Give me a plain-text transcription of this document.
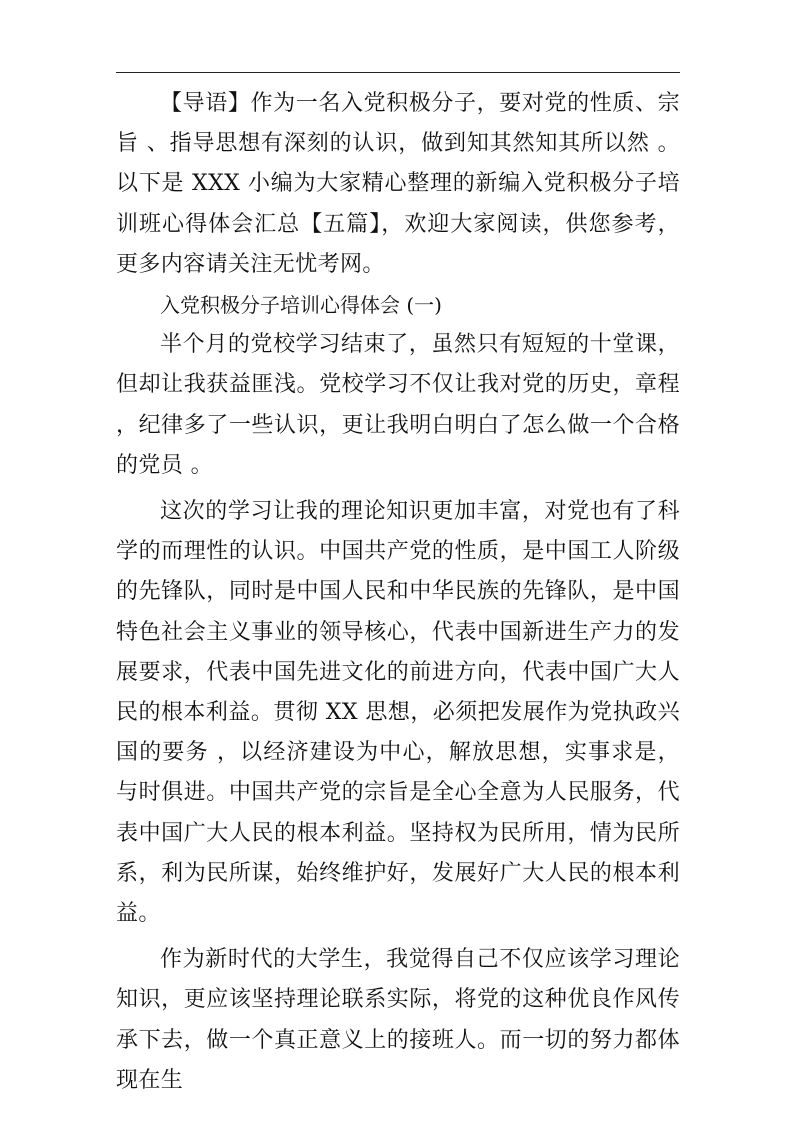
【导语】作为一名入党积极分子，要对党的性质、宗旨 、指导思想有深刻的认识，做到知其然知其所以然 。以下是 XXX 小编为大家精心整理的新编入党积极分子培训班心得体会汇总【五篇】，欢迎大家阅读，供您参考，更多内容请关注无忧考网。

入党积极分子培训心得体会 (一)

半个月的党校学习结束了，虽然只有短短的十堂课，但却让我获益匪浅。党校学习不仅让我对党的历史，章程，纪律多了一些认识，更让我明白明白了怎么做一个合格的党员 。

这次的学习让我的理论知识更加丰富，对党也有了科学的而理性的认识。中国共产党的性质，是中国工人阶级的先锋队，同时是中国人民和中华民族的先锋队，是中国特色社会主义事业的领导核心，代表中国新进生产力的发展要求，代表中国先进文化的前进方向，代表中国广大人民的根本利益。贯彻 XX 思想，必须把发展作为党执政兴国的要务 ，以经济建设为中心，解放思想，实事求是，与时俱进。中国共产党的宗旨是全心全意为人民服务，代表中国广大人民的根本利益。坚持权为民所用，情为民所系，利为民所谋，始终维护好，发展好广大人民的根本利益。

作为新时代的大学生，我觉得自己不仅应该学习理论知识，更应该坚持理论联系实际，将党的这种优良作风传承下去，做一个真正意义上的接班人。而一切的努力都体现在生
